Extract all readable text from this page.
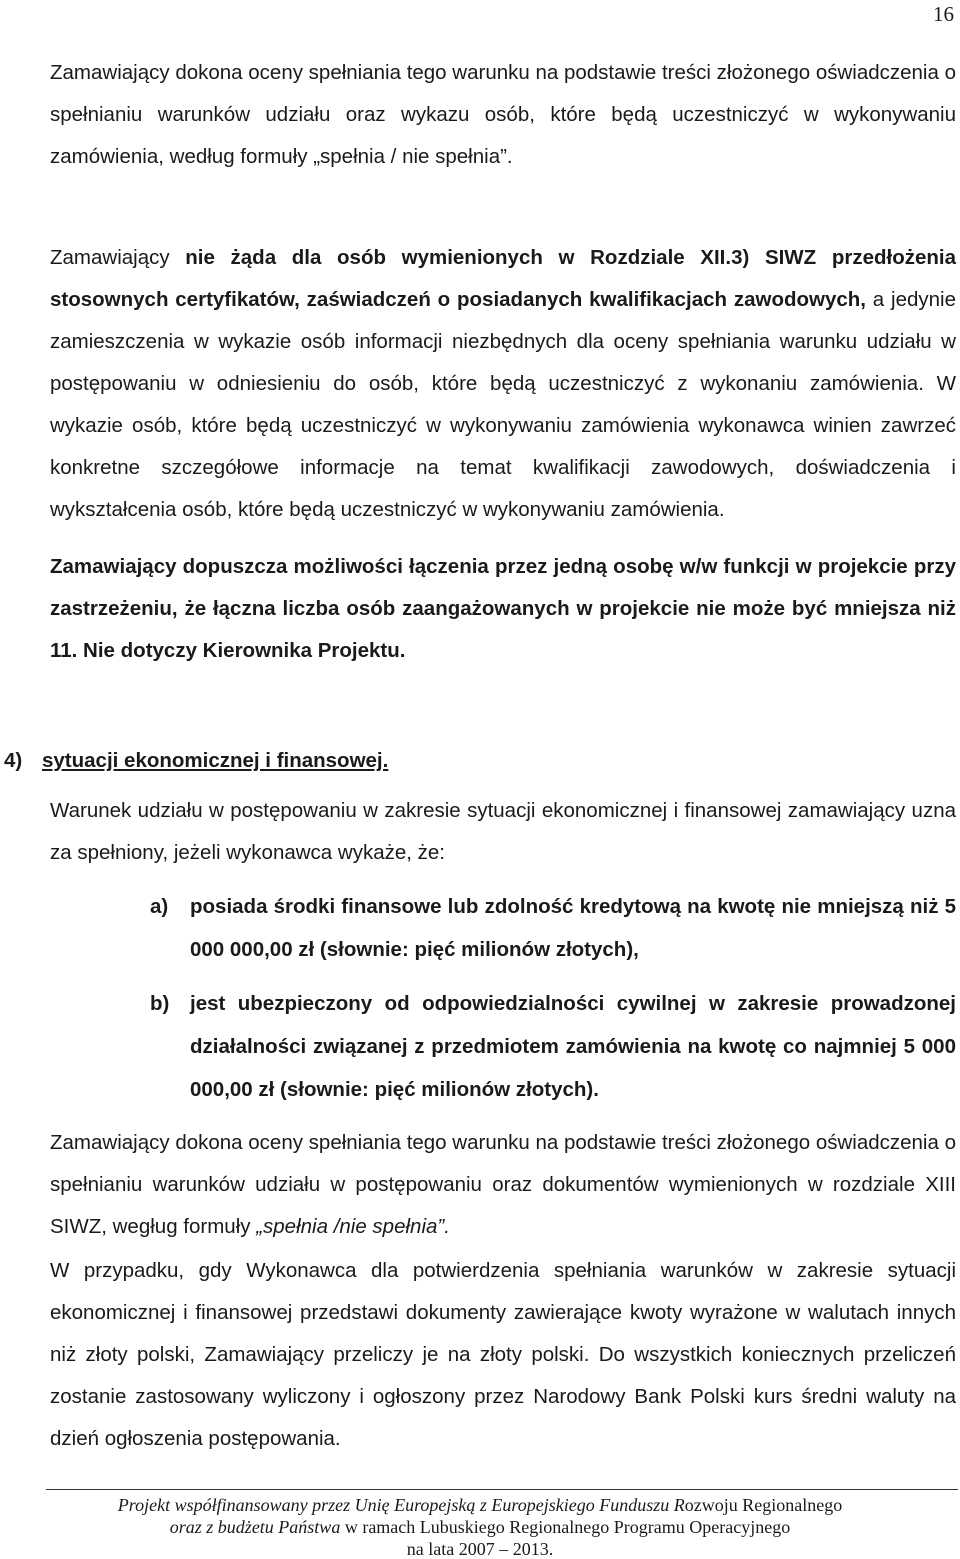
16
Zamawiający dokona oceny spełniania tego warunku na podstawie treści złożonego oświadczenia o spełnianiu warunków udziału oraz wykazu osób, które będą uczestniczyć w wykonywaniu zamówienia, według formuły „spełnia / nie spełnia”.
Zamawiający nie żąda dla osób wymienionych w Rozdziale XII.3) SIWZ przedłożenia stosownych certyfikatów, zaświadczeń o posiadanych kwalifikacjach zawodowych, a jedynie zamieszczenia w wykazie osób informacji niezbędnych dla oceny spełniania warunku udziału w postępowaniu w odniesieniu do osób, które będą uczestniczyć z wykonaniu zamówienia. W wykazie osób, które będą uczestniczyć w wykonywaniu zamówienia wykonawca winien zawrzeć konkretne szczegółowe informacje na temat kwalifikacji zawodowych, doświadczenia i wykształcenia osób, które będą uczestniczyć w wykonywaniu zamówienia.
Zamawiający dopuszcza możliwości łączenia przez jedną osobę w/w funkcji w projekcie przy zastrzeżeniu, że łączna liczba osób zaangażowanych w projekcie nie może być mniejsza niż 11. Nie dotyczy Kierownika Projektu.
4) sytuacji ekonomicznej i finansowej.
Warunek udziału w postępowaniu w zakresie sytuacji ekonomicznej i finansowej zamawiający uzna za spełniony, jeżeli wykonawca wykaże, że:
a) posiada środki finansowe lub zdolność kredytową na kwotę nie mniejszą niż 5 000 000,00 zł (słownie: pięć milionów złotych),
b) jest ubezpieczony od odpowiedzialności cywilnej w zakresie prowadzonej działalności związanej z przedmiotem zamówienia na kwotę co najmniej 5 000 000,00 zł (słownie: pięć milionów złotych).
Zamawiający dokona oceny spełniania tego warunku na podstawie treści złożonego oświadczenia o spełnianiu warunków udziału w postępowaniu oraz dokumentów wymienionych w rozdziale XIII SIWZ, wegług formuły „spełnia /nie spełnia”.
W przypadku, gdy Wykonawca dla potwierdzenia spełniania warunków w zakresie sytuacji ekonomicznej i finansowej przedstawi dokumenty zawierające kwoty wyrażone w walutach innych niż złoty polski, Zamawiający przeliczy je na złoty polski. Do wszystkich koniecznych przeliczeń zostanie zastosowany wyliczony i ogłoszony przez Narodowy Bank Polski kurs średni waluty na dzień ogłoszenia postępowania.
Projekt współfinansowany przez Unię Europejską z Europejskiego Funduszu Rozwoju Regionalnego
oraz z budżetu Państwa w ramach Lubuskiego Regionalnego Programu Operacyjnego
na lata 2007 – 2013.
